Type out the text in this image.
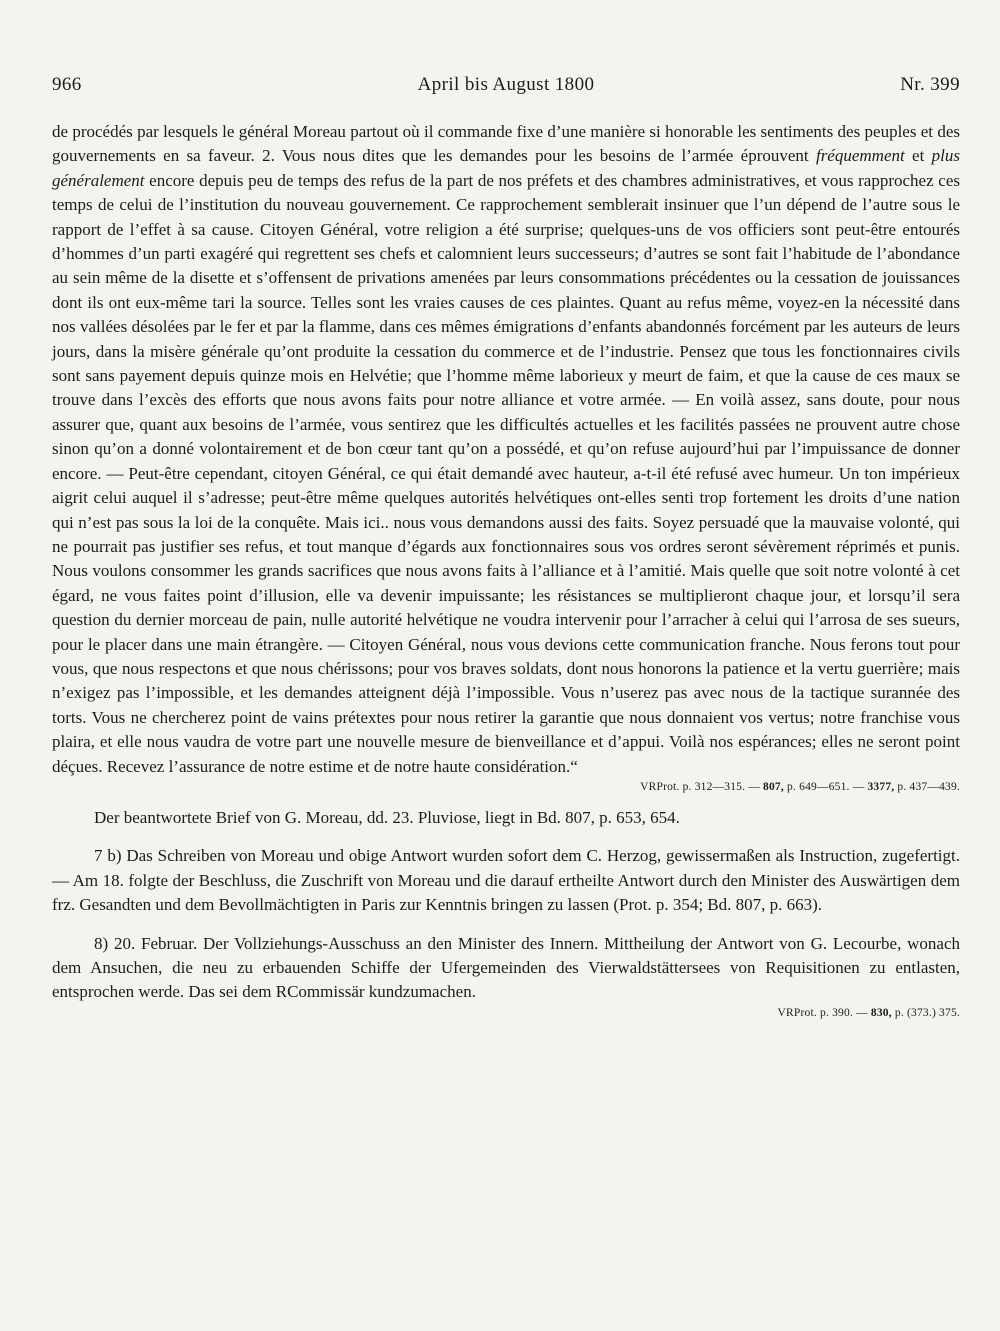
966	April bis August 1800	Nr. 399

de procédés par lesquels le général Moreau partout où il commande fixe d’une manière si honorable les sentiments des peuples et des gouvernements en sa faveur. 2. Vous nous dites que les demandes pour les besoins de l’armée éprouvent fréquemment et plus généralement encore depuis peu de temps des refus de la part de nos préfets et des chambres administratives, et vous rapprochez ces temps de celui de l’institution du nouveau gouvernement. Ce rapprochement semblerait insinuer que l’un dépend de l’autre sous le rapport de l’effet à sa cause. Citoyen Général, votre religion a été surprise; quelques-uns de vos officiers sont peut-être entourés d’hommes d’un parti exagéré qui regrettent ses chefs et calomnient leurs successeurs; d’autres se sont fait l’habitude de l’abondance au sein même de la disette et s’offensent de privations amenées par leurs consommations précédentes ou la cessation de jouissances dont ils ont eux-même tari la source. Telles sont les vraies causes de ces plaintes. Quant au refus même, voyez-en la nécessité dans nos vallées désolées par le fer et par la flamme, dans ces mêmes émigrations d’enfants abandonnés forcément par les auteurs de leurs jours, dans la misère générale qu’ont produite la cessation du commerce et de l’industrie. Pensez que tous les fonctionnaires civils sont sans payement depuis quinze mois en Helvétie; que l’homme même laborieux y meurt de faim, et que la cause de ces maux se trouve dans l’excès des efforts que nous avons faits pour notre alliance et votre armée. — En voilà assez, sans doute, pour nous assurer que, quant aux besoins de l’armée, vous sentirez que les difficultés actuelles et les facilités passées ne prouvent autre chose sinon qu’on a donné volontairement et de bon cœur tant qu’on a possédé, et qu’on refuse aujourd’hui par l’impuissance de donner encore. — Peut-être cependant, citoyen Général, ce qui était demandé avec hauteur, a-t-il été refusé avec humeur. Un ton impérieux aigrit celui auquel il s’adresse; peut-être même quelques autorités helvétiques ont-elles senti trop fortement les droits d’une nation qui n’est pas sous la loi de la conquête. Mais ici.. nous vous demandons aussi des faits. Soyez persuadé que la mauvaise volonté, qui ne pourrait pas justifier ses refus, et tout manque d’égards aux fonctionnaires sous vos ordres seront sévèrement réprimés et punis. Nous voulons consommer les grands sacrifices que nous avons faits à l’alliance et à l’amitié. Mais quelle que soit notre volonté à cet égard, ne vous faites point d’illusion, elle va devenir impuissante; les résistances se multiplieront chaque jour, et lorsqu’il sera question du dernier morceau de pain, nulle autorité helvétique ne voudra intervenir pour l’arracher à celui qui l’arrosa de ses sueurs, pour le placer dans une main étrangère. — Citoyen Général, nous vous devions cette communication franche. Nous ferons tout pour vous, que nous respectons et que nous chérissons; pour vos braves soldats, dont nous honorons la patience et la vertu guerrière; mais n’exigez pas l’impossible, et les demandes atteignent déjà l’impossible. Vous n’userez pas avec nous de la tactique surannée des torts. Vous ne chercherez point de vains prétextes pour nous retirer la garantie que nous donnaient vos vertus; notre franchise vous plaira, et elle nous vaudra de votre part une nouvelle mesure de bienveillance et d’appui. Voilà nos espérances; elles ne seront point déçues. Recevez l’assurance de notre estime et de notre haute considération.“

VRProt. p. 312—315. — 807, p. 649—651. — 3377, p. 437—439.

Der beantwortete Brief von G. Moreau, dd. 23. Pluviose, liegt in Bd. 807, p. 653, 654.

7 b) Das Schreiben von Moreau und obige Antwort wurden sofort dem C. Herzog, gewissermaßen als Instruction, zugefertigt. — Am 18. folgte der Beschluss, die Zuschrift von Moreau und die darauf ertheilte Antwort durch den Minister des Auswärtigen dem frz. Gesandten und dem Bevollmächtigten in Paris zur Kenntnis bringen zu lassen (Prot. p. 354; Bd. 807, p. 663).

8) 20. Februar. Der Vollziehungs-Ausschuss an den Minister des Innern. Mittheilung der Antwort von G. Lecourbe, wonach dem Ansuchen, die neu zu erbauenden Schiffe der Ufergemeinden des Vierwaldstättersees von Requisitionen zu entlasten, entsprochen werde. Das sei dem RCommissär kundzumachen.

VRProt. p. 390. — 830, p. (373.) 375.
